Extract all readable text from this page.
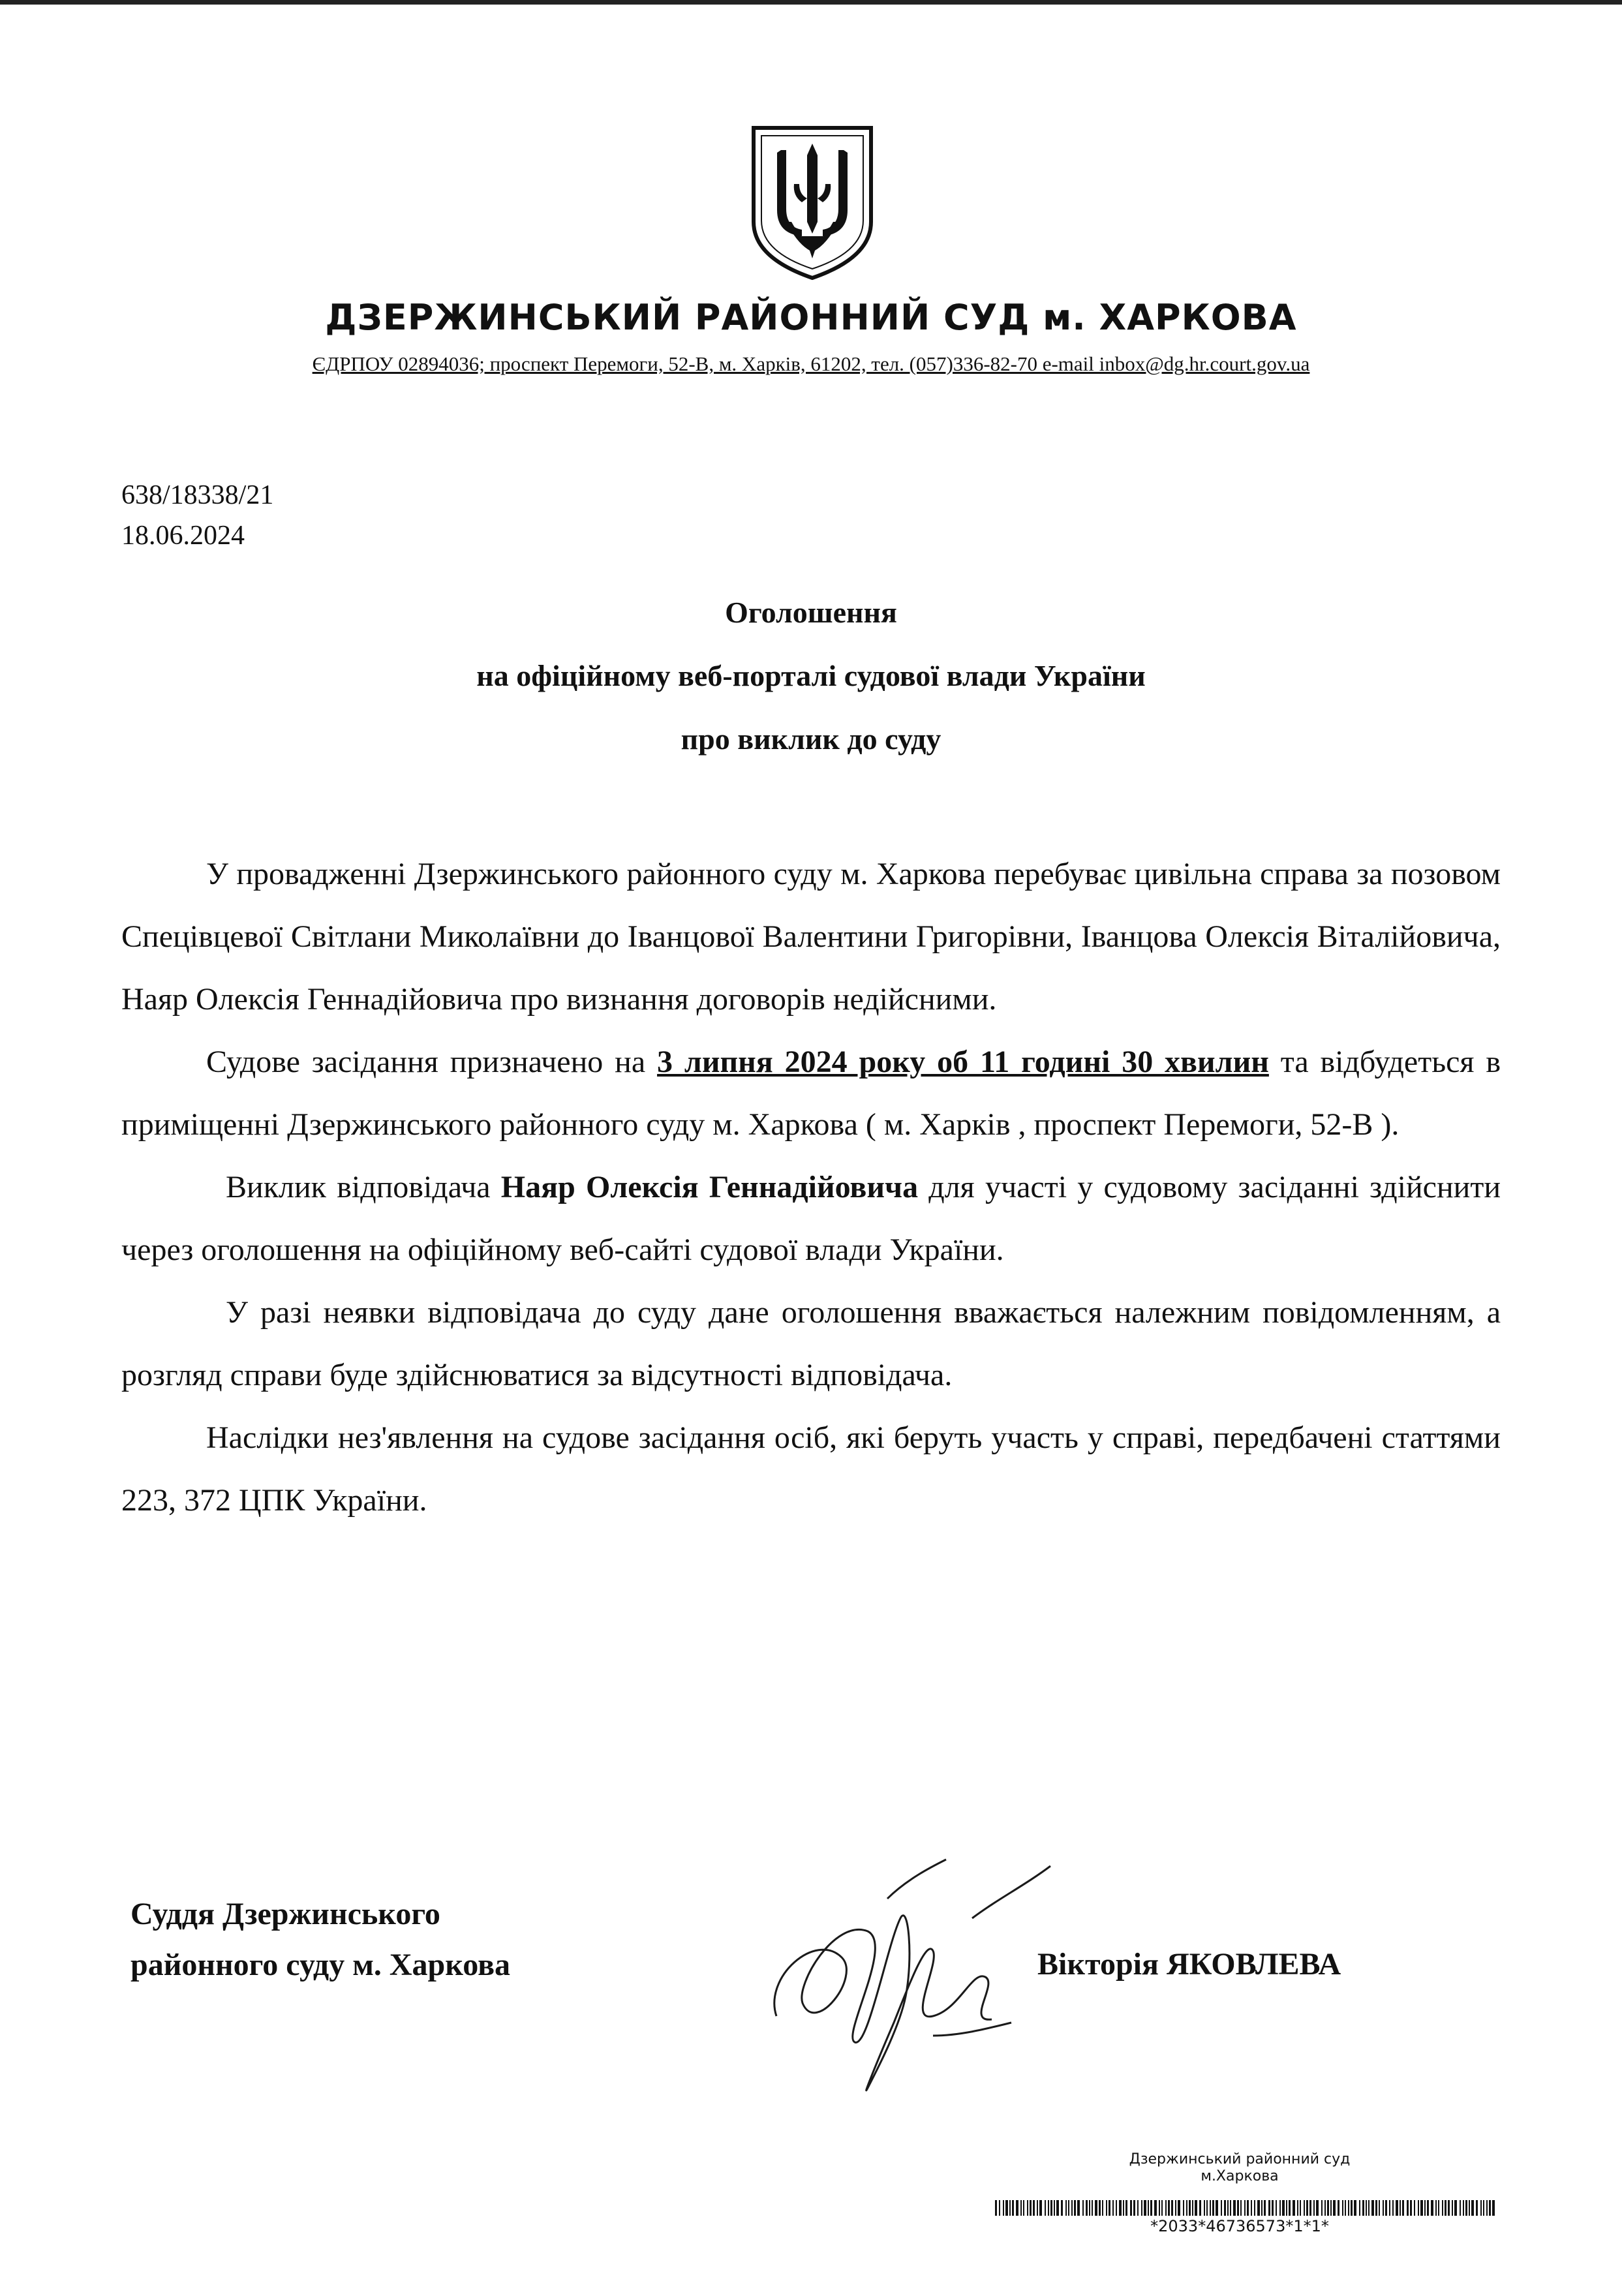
ДЗЕРЖИНСЬКИЙ РАЙОННИЙ СУД м. ХАРКОВА

ЄДРПОУ 02894036; проспект Перемоги, 52-В, м. Харків, 61202, тел. (057)336-82-70 e-mail inbox@dg.hr.court.gov.ua

638/18338/21
18.06.2024
Оголошення
на офіційному веб-порталі судової влади України
про виклик до суду

У провадженні Дзержинського районного суду м. Харкова перебуває цивільна справа за позовом Спецівцевої Світлани Миколаївни до Іванцової Валентини Григорівни, Іванцова Олексія Віталійовича, Наяр Олексія Геннадійовича про визнання договорів недійсними.

Судове засідання призначено на 3 липня 2024 року об 11 годині 30 хвилин та відбудеться в приміщенні Дзержинського районного суду м. Харкова ( м. Харків , проспект Перемоги, 52-В ).

Виклик відповідача Наяр Олексія Геннадійовича для участі у судовому засіданні здійснити через оголошення на офіційному веб-сайті судової влади України.

У разі неявки відповідача до суду дане оголошення вважається належним повідомленням, а розгляд справи буде здійснюватися за відсутності відповідача.

Наслідки нез'явлення на судове засідання осіб, які беруть участь у справі, передбачені статтями 223, 372 ЦПК України.

Суддя Дзержинського
районного суду м. Харкова	Вікторія ЯКОВЛЕВА
Дзержинський районний суд
м.Харкова
*2033*46736573*1*1*
